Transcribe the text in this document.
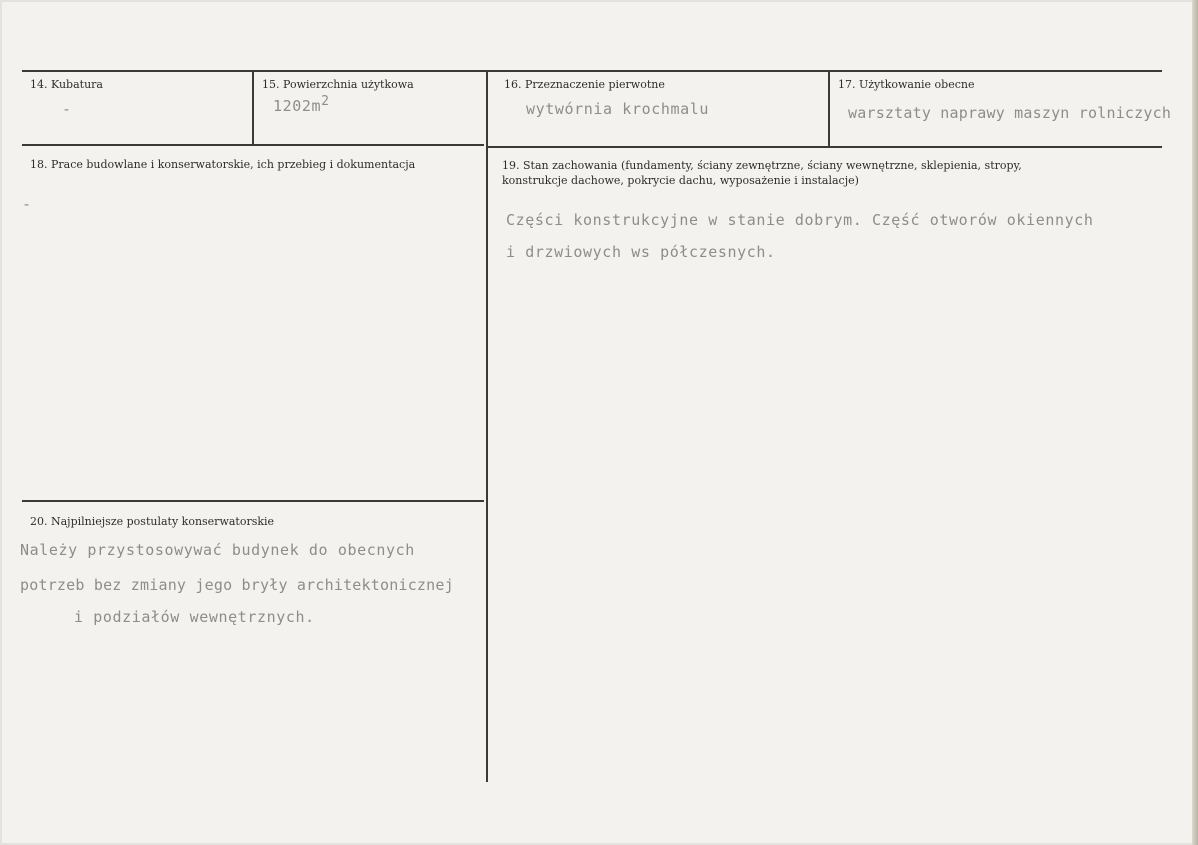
14. Kubatura
-
15. Powierzchnia użytkowa
1202m2
16. Przeznaczenie pierwotne
wytwórnia krochmalu
17. Użytkowanie obecne
warsztaty naprawy maszyn rolniczych
18. Prace budowlane i konserwatorskie, ich przebieg i dokumentacja
-
19. Stan zachowania (fundamenty, ściany zewnętrzne, ściany wewnętrzne, sklepienia, stropy,
konstrukcje dachowe, pokrycie dachu, wyposażenie i instalacje)
Części konstrukcyjne w stanie dobrym. Część otworów okiennych
i drzwiowych ws półczesnych.
20. Najpilniejsze postulaty konserwatorskie
Należy przystosowywać budynek do obecnych
potrzeb bez zmiany jego bryły architektonicznej
i podziałów wewnętrznych.
